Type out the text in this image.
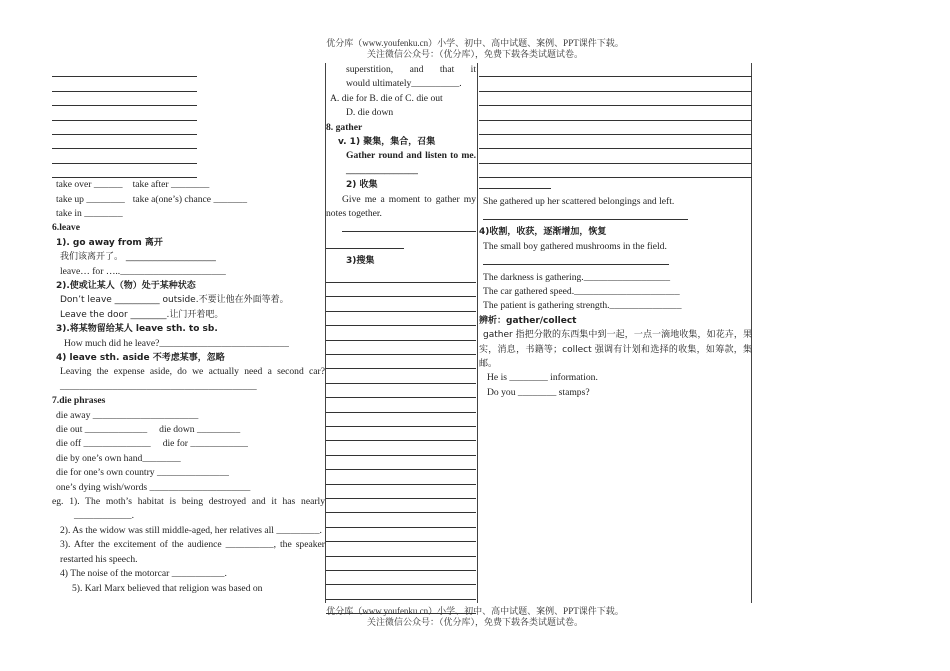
优分库（www.youfenku.cn）小学、初中、高中试题、案例、PPT课件下载。
关注微信公众号：（优分库），免费下载各类试题试卷。
take over ______ take after ________
take up ________ take a(one’s) chance _______
take in ________
6.leave
1). go away from 离开
我们该离开了。 ____________________
leave… for …..______________________
2).使或让某人（物）处于某种状态
Don’t leave __________ outside.不要让他在外面等着。
Leave the door ________.让门开着吧。
3).将某物留给某人 leave sth. to sb.
How much did he leave?___________________________
4) leave sth. aside 不考虑某事，忽略
Leaving the expense aside, do we actually need a second car?_________________________________________
7.die phrases
die away ______________________
die out _____________ die down _________
die off ______________ die for ____________
die by one’s own hand________
die for one’s own country _______________
one’s dying wish/words _____________________
eg. 1). The moth’s habitat is being destroyed and it has nearly ____________.
2). As the widow was still middle-aged, her relatives all _________.
3). After the excitement of the audience __________, the speaker restarted his speech.
4) The noise of the motorcar ___________.
5). Karl Marx believed that religion was based on
superstition, and that it
would ultimately__________.
A. die for B. die of C. die out
D. die down
8. gather
v. 1) 聚集，集合，召集
Gather round and listen to me. _______________
2) 收集
Give me a moment to gather my notes together.
3)搜集
She gathered up her scattered belongings and left.
4)收割，收获，逐渐增加，恢复
The small boy gathered mushrooms in the field.
The darkness is gathering.__________________
The car gathered speed.______________________
The patient is gathering strength._______________
辨析：gather/collect
gather 指把分散的东西集中到一起，一点一滴地收集，如花卉，果实，消息，书籍等；collect 强调有计划和选择的收集，如筹款，集邮。
He is ________ information.
Do you ________ stamps?
优分库（www.youfenku.cn）小学、初中、高中试题、案例、PPT课件下载。
关注微信公众号：（优分库），免费下载各类试题试卷。
